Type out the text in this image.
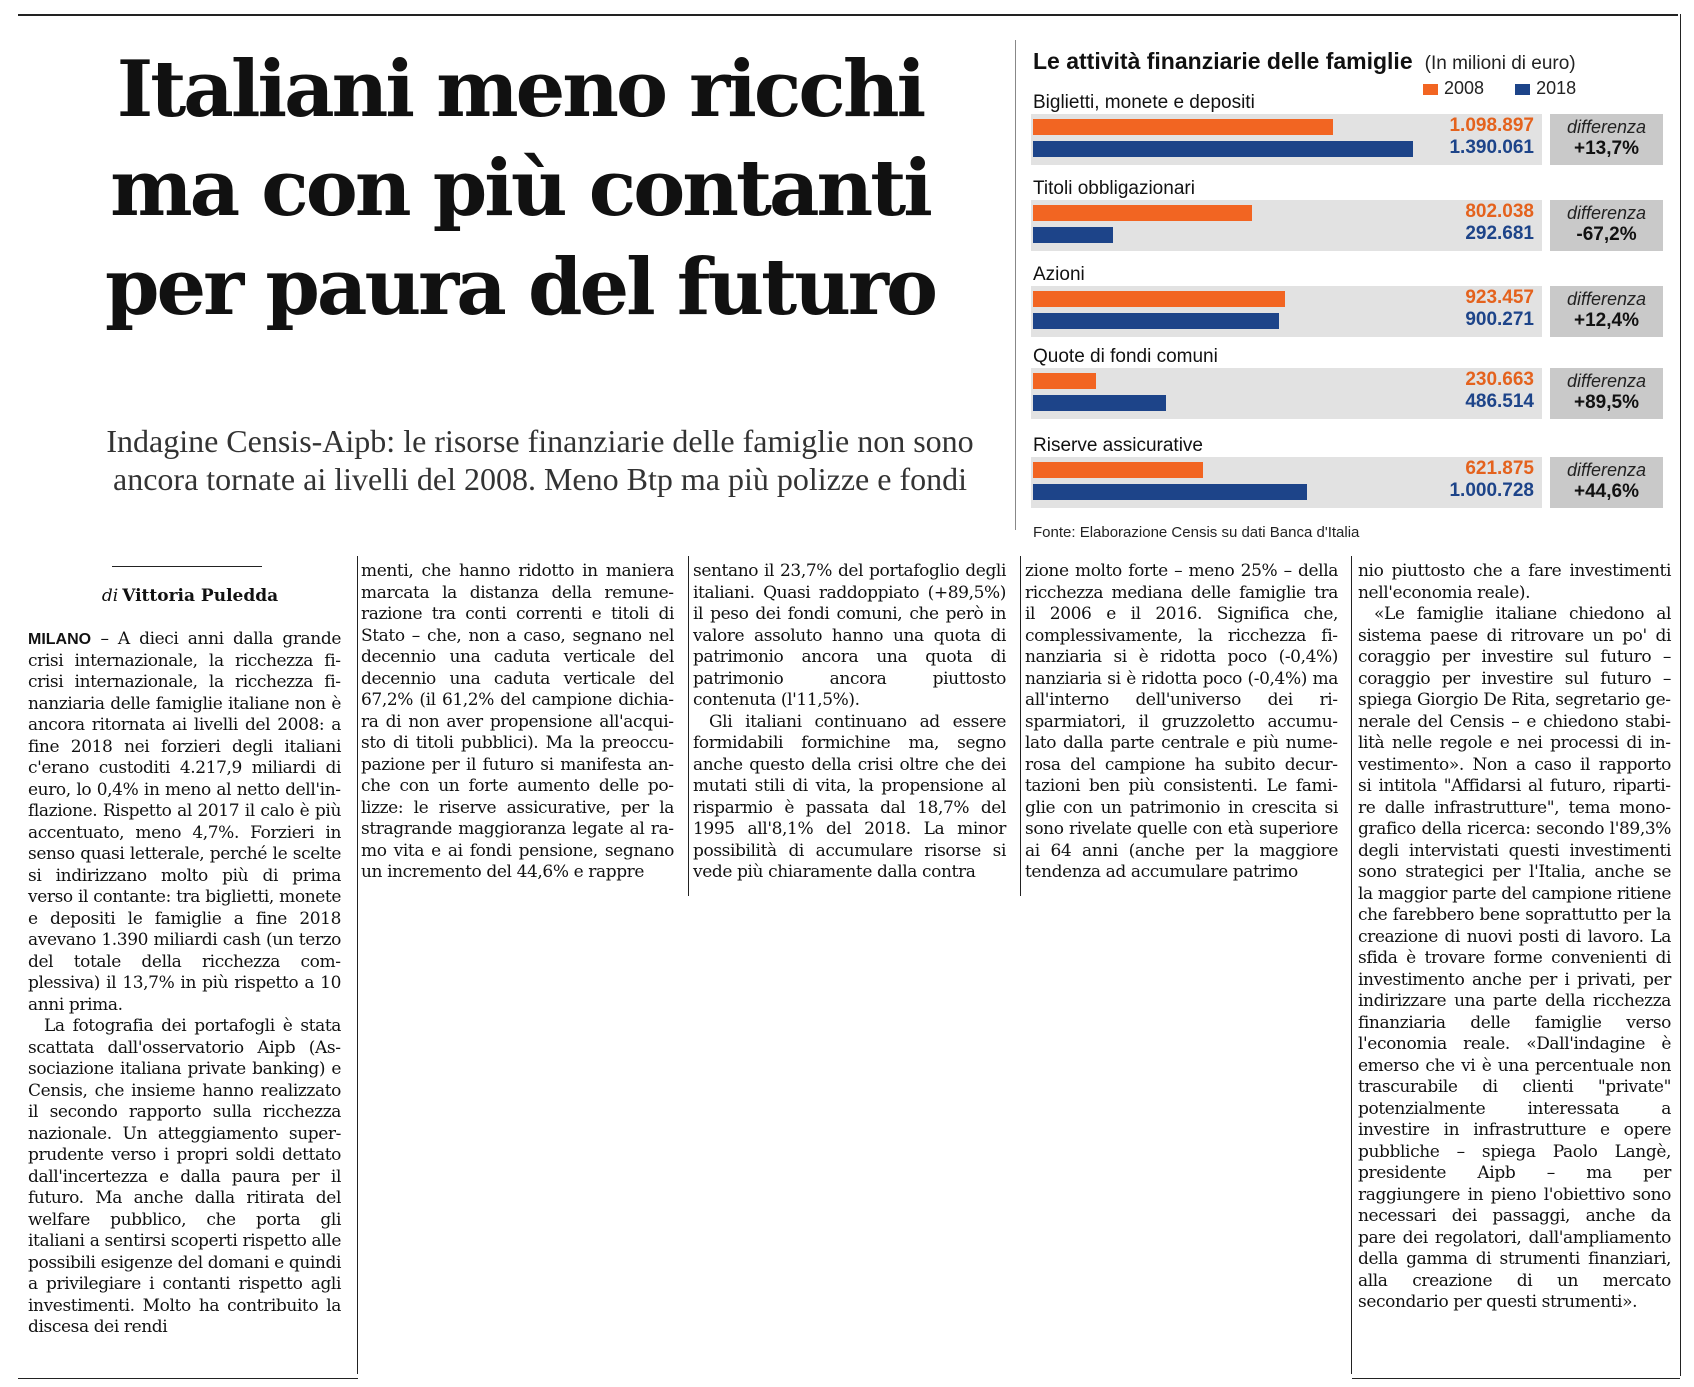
Italiani meno ricchi
ma con più contanti
per paura del futuro

Indagine Censis-Aipb: le risorse finanziarie delle famiglie non sono
ancora tornate ai livelli del 2008. Meno Btp ma più polizze e fondi

Le attività finanziarie delle famiglie (In milioni di euro)
2008	2018
Biglietti, monete e depositi
1.098.897
1.390.061
differenza
+13,7%
Titoli obbligazionari
802.038
292.681
differenza
-67,2%
Azioni
923.457
900.271
differenza
+12,4%
Quote di fondi comuni
230.663
486.514
differenza
+89,5%
Riserve assicurative
621.875
1.000.728
differenza
+44,6%
Fonte: Elaborazione Censis su dati Banca d'Italia

di Vittoria Puledda

MILANO – A dieci anni dalla grande crisi internazionale, la ricchezza ficrisi internazionale, la ricchezza finanziaria delle famiglie italiane non è ancora ritornata ai livelli del 2008: a fine 2018 nei forzieri degli italiani c'erano custoditi 4.217,9 miliardi di euro, lo 0,4% in meno al netto dell'inflazione. Rispetto al 2017 il calo è più accentuato, meno 4,7%. Forzieri in senso quasi letterale, perché le scelte si indirizzano molto più di prima verso il contante: tra biglietti, monete e depositi le famiglie a fine 2018 avevano 1.390 miliardi cash (un terzo del totale della ricchezza complessiva) il 13,7% in più rispetto a 10 anni prima.

La fotografia dei portafogli è stata scattata dall'osservatorio Aipb (Associazione italiana private banking) e Censis, che insieme hanno realizzato il secondo rapporto sulla ricchezza nazionale. Un atteggiamento super-prudente verso i propri soldi dettato dall'incertezza e dalla paura per il futuro. Ma anche dalla ritirata del welfare pubblico, che porta gli italiani a sentirsi scoperti rispetto alle possibili esigenze del domani e quindi a privilegiare i contanti rispetto agli investimenti. Molto ha contribuito la discesa dei rendi

menti, che hanno ridotto in maniera marcata la distanza della remunerazione tra conti correnti e titoli di Stato – che, non a caso, segnano nel decennio una caduta verticale del decennio una caduta verticale del 67,2% (il 61,2% del campione dichiara di non aver propensione all'acquisto di titoli pubblici). Ma la preoccupazione per il futuro si manifesta anche con un forte aumento delle polizze: le riserve assicurative, per la stragrande maggioranza legate al ramo vita e ai fondi pensione, segnano un incremento del 44,6% e rappre

sentano il 23,7% del portafoglio degli italiani. Quasi raddoppiato (+89,5%) il peso dei fondi comuni, che però in valore assoluto hanno una quota di patrimonio ancora una quota di patrimonio ancora piuttosto contenuta (l'11,5%).

Gli italiani continuano ad essere formidabili formichine ma, segno anche questo della crisi oltre che dei mutati stili di vita, la propensione al risparmio è passata dal 18,7% del 1995 all'8,1% del 2018. La minor possibilità di accumulare risorse si vede più chiaramente dalla contra

zione molto forte – meno 25% – della ricchezza mediana delle famiglie tra il 2006 e il 2016. Significa che, complessivamente, la ricchezza finanziaria si è ridotta poco (-0,4%) nanziaria si è ridotta poco (-0,4%) ma all'interno dell'universo dei risparmiatori, il gruzzoletto accumulato dalla parte centrale e più numerosa del campione ha subito decurtazioni ben più consistenti. Le famiglie con un patrimonio in crescita si sono rivelate quelle con età superiore ai 64 anni (anche per la maggiore tendenza ad accumulare patrimo

nio piuttosto che a fare investimenti nell'economia reale).

«Le famiglie italiane chiedono al sistema paese di ritrovare un po' di coraggio per investire sul futuro – coraggio per investire sul futuro – spiega Giorgio De Rita, segretario generale del Censis – e chiedono stabilità nelle regole e nei processi di investimento». Non a caso il rapporto si intitola "Affidarsi al futuro, ripartire dalle infrastrutture", tema monografico della ricerca: secondo l'89,3% degli intervistati questi investimenti sono strategici per l'Italia, anche se la maggior parte del campione ritiene che farebbero bene soprattutto per la creazione di nuovi posti di lavoro. La sfida è trovare forme convenienti di investimento anche per i privati, per indirizzare una parte della ricchezza finanziaria delle famiglie verso l'economia reale. «Dall'indagine è emerso che vi è una percentuale non trascurabile di clienti "private" potenzialmente interessata a investire in infrastrutture e opere pubbliche – spiega Paolo Langè, presidente Aipb – ma per raggiungere in pieno l'obiettivo sono necessari dei passaggi, anche da pare dei regolatori, dall'ampliamento della gamma di strumenti finanziari, alla creazione di un mercato secondario per questi strumenti».
